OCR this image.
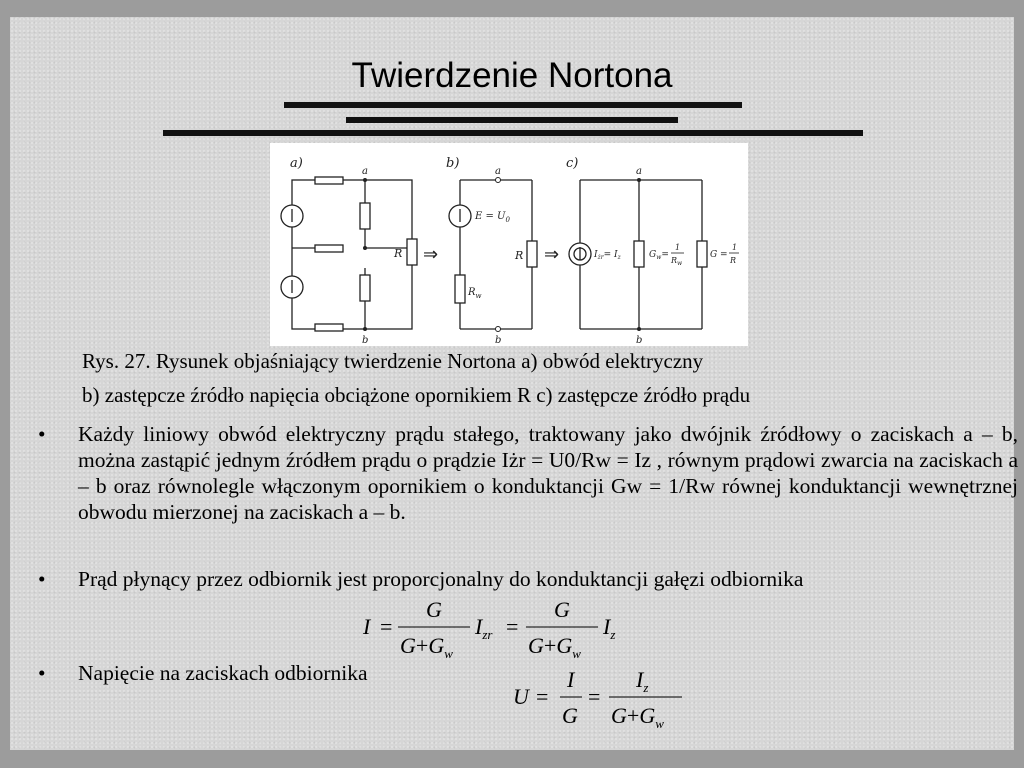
Twierdzenie Nortona
a)	b)	c)
a
b
a
b
a
b
R	R
$E = U_0$
$R_w$
$I_{żr}= I_z$	$G_w=$
1
$R_w$
G =
1
R
⇒	⇒
Rys. 27. Rysunek objaśniający twierdzenie Nortona a) obwód elektryczny
b) zastępcze źródło napięcia obciążone opornikiem R c) zastępcze źródło prądu
• Każdy liniowy obwód elektryczny prądu stałego, traktowany jako dwójnik źródłowy o zaciskach a – b, można zastąpić jednym źródłem prądu o prądzie Iżr = U0/Rw = Iz , równym prądowi zwarcia na zaciskach a – b oraz równolegle włączonym opornikiem o konduktancji Gw = 1/Rw równej konduktancji wewnętrznej obwodu mierzonej na zaciskach a – b.
• Prąd płynący przez odbiornik jest proporcjonalny do konduktancji gałęzi odbiornika
I =
G
$G+G_w$
$I_{zr}$ =
G
$G+G_w$
$I_z$
• Napięcie na zaciskach odbiornika
U =
I
G
=
$I_z$
$G+G_w$
